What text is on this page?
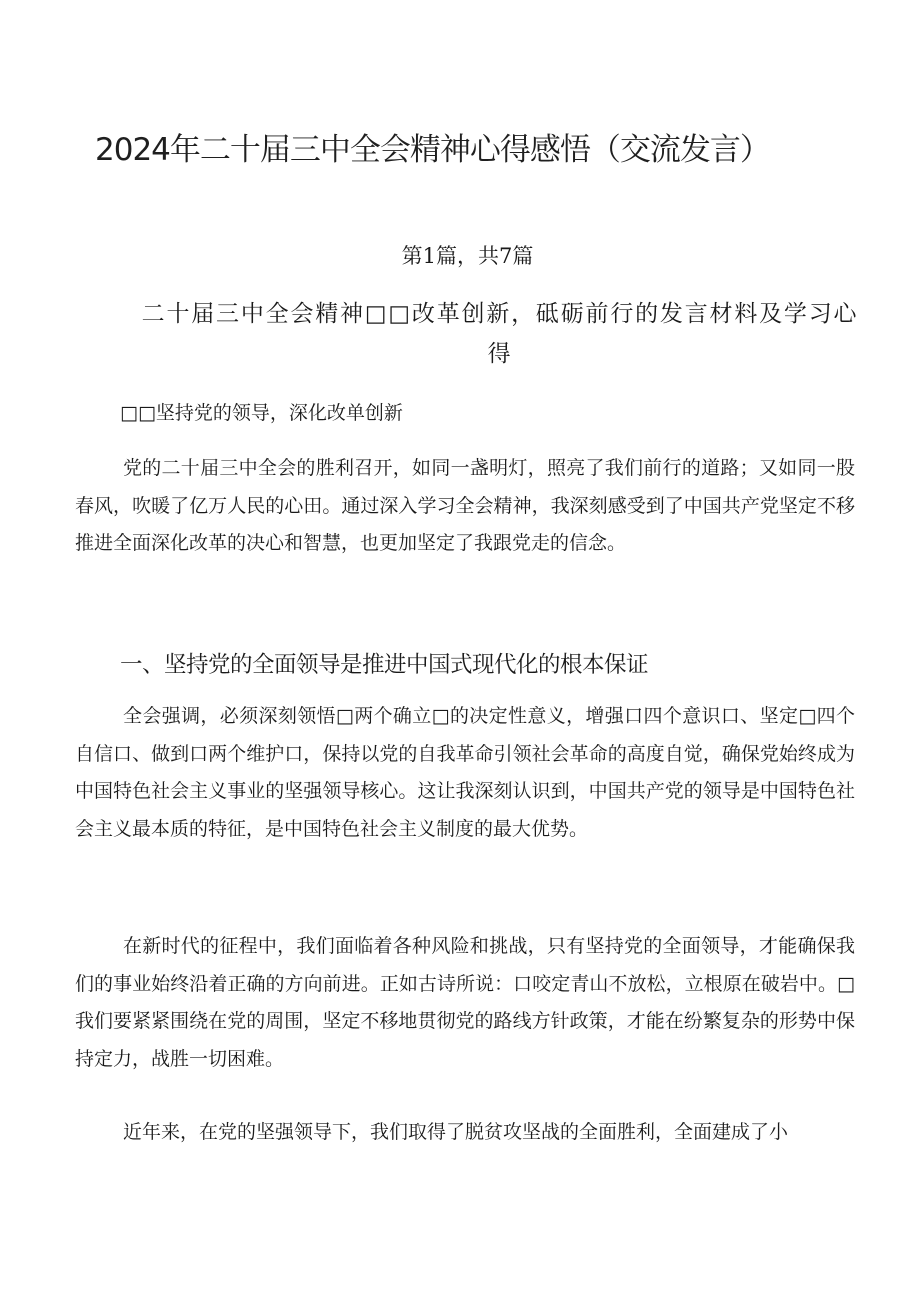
2024年二十届三中全会精神心得感悟（交流发言）
第1篇，共7篇
二十届三中全会精神□□改革创新，砥砺前行的发言材料及学习心得
□□坚持党的领导，深化改单创新

党的二十届三中全会的胜利召开，如同一盏明灯，照亮了我们前行的道路；又如同一股春风，吹暖了亿万人民的心田。通过深入学习全会精神，我深刻感受到了中国共产党坚定不移推进全面深化改革的决心和智慧，也更加坚定了我跟党走的信念。

一、坚持党的全面领导是推进中国式现代化的根本保证

全会强调，必须深刻领悟□两个确立□的决定性意义，增强口四个意识口、坚定□四个自信口、做到口两个维护口，保持以党的自我革命引领社会革命的高度自觉，确保党始终成为中国特色社会主义事业的坚强领导核心。这让我深刻认识到，中国共产党的领导是中国特色社会主义最本质的特征，是中国特色社会主义制度的最大优势。

在新时代的征程中，我们面临着各种风险和挑战，只有坚持党的全面领导，才能确保我们的事业始终沿着正确的方向前进。正如古诗所说：口咬定青山不放松，立根原在破岩中。□我们要紧紧围绕在党的周围，坚定不移地贯彻党的路线方针政策，才能在纷繁复杂的形势中保持定力，战胜一切困难。

近年来，在党的坚强领导下，我们取得了脱贫攻坚战的全面胜利，全面建成了小
